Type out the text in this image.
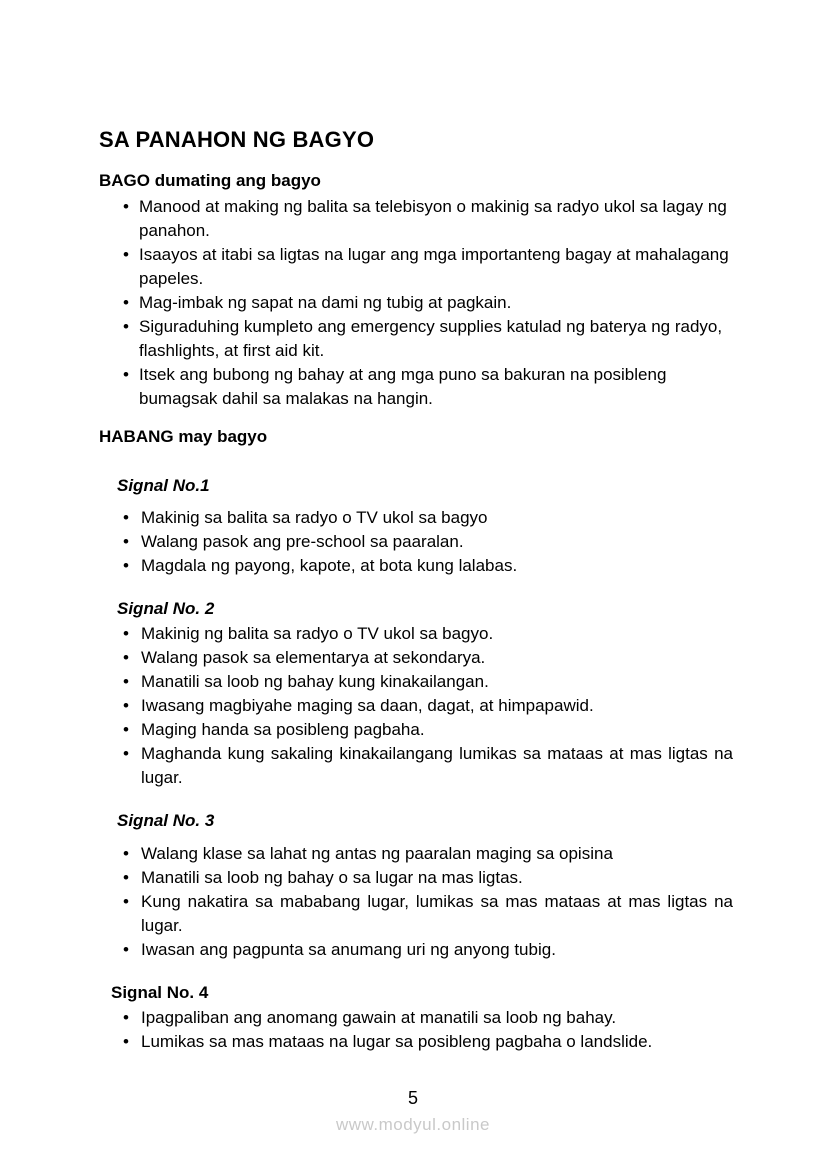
SA PANAHON NG BAGYO
BAGO dumating ang bagyo
• Manood at making ng balita sa telebisyon o makinig sa radyo ukol sa lagay ng panahon.
• Isaayos at itabi sa ligtas na lugar ang mga importanteng bagay at mahalagang papeles.
• Mag-imbak ng sapat na dami ng tubig at pagkain.
• Siguraduhing kumpleto ang emergency supplies katulad ng baterya ng radyo, flashlights, at first aid kit.
• Itsek ang bubong ng bahay at ang mga puno sa bakuran na posibleng bumagsak dahil sa malakas na hangin.
HABANG may bagyo
Signal No.1
• Makinig sa balita sa radyo o TV ukol sa bagyo
• Walang pasok ang pre-school sa paaralan.
• Magdala ng payong, kapote, at bota kung lalabas.
Signal No. 2
• Makinig ng balita sa radyo o TV ukol sa bagyo.
• Walang pasok sa elementarya at sekondarya.
• Manatili sa loob ng bahay kung kinakailangan.
• Iwasang magbiyahe maging sa daan, dagat, at himpapawid.
• Maging handa sa posibleng pagbaha.
• Maghanda kung sakaling kinakailangang lumikas sa mataas at mas ligtas na lugar.
Signal No. 3
• Walang klase sa lahat ng antas ng paaralan maging sa opisina
• Manatili sa loob ng bahay o sa lugar na mas ligtas.
• Kung nakatira sa mababang lugar, lumikas sa mas mataas at mas ligtas na lugar.
• Iwasan ang pagpunta sa anumang uri ng anyong tubig.
Signal No. 4
• Ipagpaliban ang anomang gawain at manatili sa loob ng bahay.
• Lumikas sa mas mataas na lugar sa posibleng pagbaha o landslide.
5
www.modyul.online
